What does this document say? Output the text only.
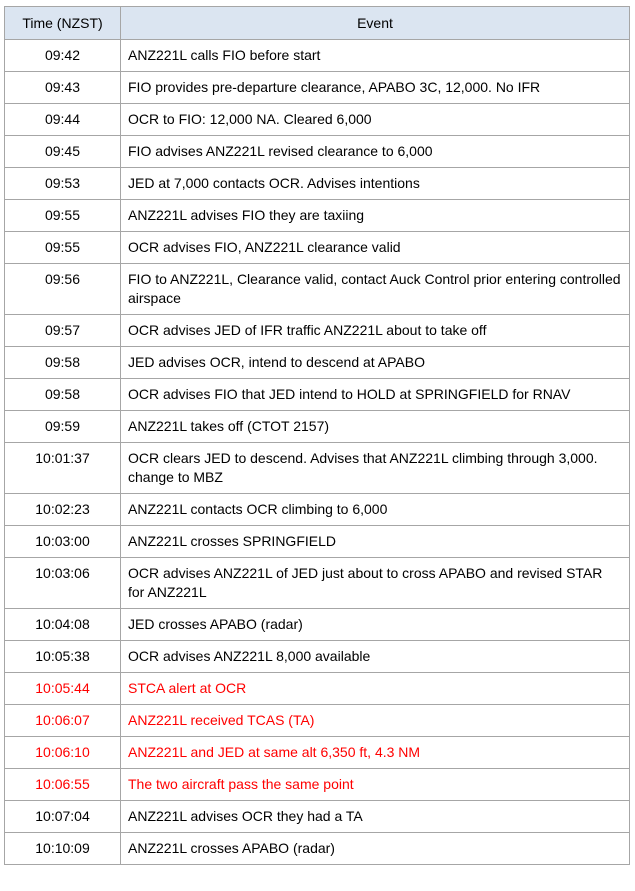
Time (NZST)	Event
09:42	ANZ221L calls FIO before start
09:43	FIO provides pre-departure clearance, APABO 3C, 12,000. No IFR
09:44	OCR to FIO: 12,000 NA. Cleared 6,000
09:45	FIO advises ANZ221L revised clearance to 6,000
09:53	JED at 7,000 contacts OCR. Advises intentions
09:55	ANZ221L advises FIO they are taxiing
09:55	OCR advises FIO, ANZ221L clearance valid
09:56	FIO to ANZ221L, Clearance valid, contact Auck Control prior entering controlled airspace
09:57	OCR advises JED of IFR traffic ANZ221L about to take off
09:58	JED advises OCR, intend to descend at APABO
09:58	OCR advises FIO that JED intend to HOLD at SPRINGFIELD for RNAV
09:59	ANZ221L takes off (CTOT 2157)
10:01:37	OCR clears JED to descend. Advises that ANZ221L climbing through 3,000. change to MBZ
10:02:23	ANZ221L contacts OCR climbing to 6,000
10:03:00	ANZ221L crosses SPRINGFIELD
10:03:06	OCR advises ANZ221L of JED just about to cross APABO and revised STAR for ANZ221L
10:04:08	JED crosses APABO (radar)
10:05:38	OCR advises ANZ221L 8,000 available
10:05:44	STCA alert at OCR
10:06:07	ANZ221L received TCAS (TA)
10:06:10	ANZ221L and JED at same alt 6,350 ft, 4.3 NM
10:06:55	The two aircraft pass the same point
10:07:04	ANZ221L advises OCR they had a TA
10:10:09	ANZ221L crosses APABO (radar)
